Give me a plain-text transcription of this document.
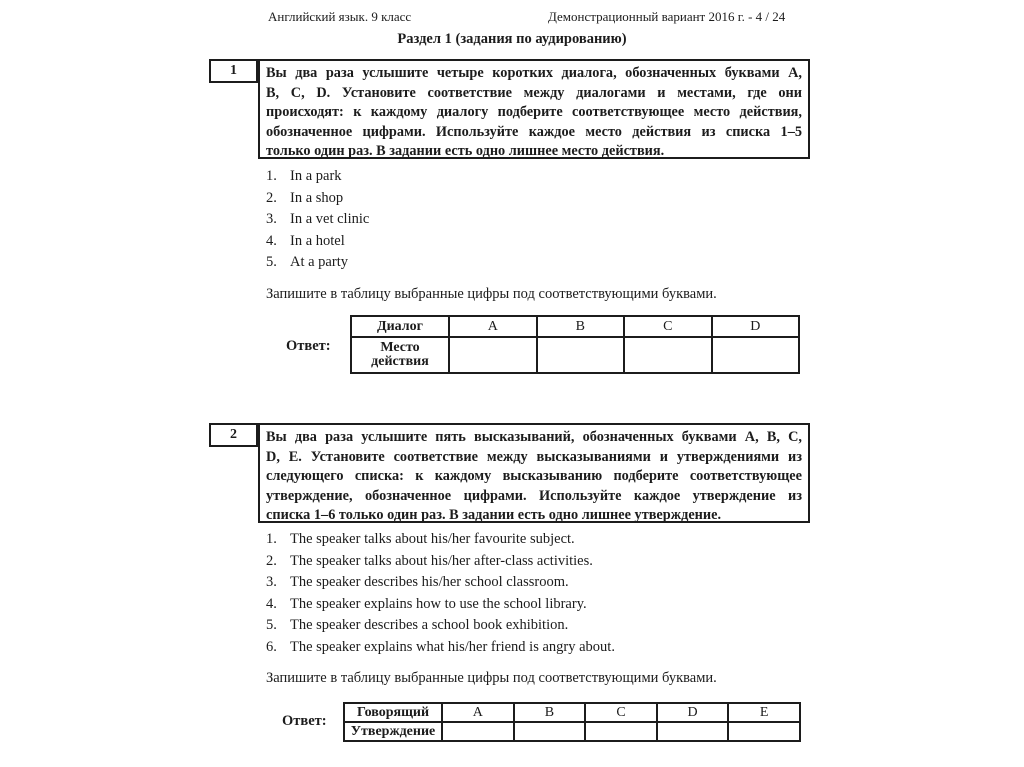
Английский язык. 9 класс	Демонстрационный вариант 2016 г. - 4 / 24
Раздел 1 (задания по аудированию)
1	Вы два раза услышите четыре коротких диалога, обозначенных буквами А,
B, C, D. Установите соответствие между диалогами и местами, где они
происходят: к каждому диалогу подберите соответствующее место действия,
обозначенное цифрами. Используйте каждое место действия из списка 1–5
только один раз. В задании есть одно лишнее место действия.
1. In a park
2. In a shop
3. In a vet clinic
4. In a hotel
5. At a party
Запишите в таблицу выбранные цифры под соответствующими буквами.
Ответ:
Диалог	A	B	C	D
Место действия				
2	Вы два раза услышите пять высказываний, обозначенных буквами А, B, C,
D, E. Установите соответствие между высказываниями и утверждениями из
следующего списка: к каждому высказыванию подберите соответствующее
утверждение, обозначенное цифрами. Используйте каждое утверждение из
списка 1–6 только один раз. В задании есть одно лишнее утверждение.
1. The speaker talks about his/her favourite subject.
2. The speaker talks about his/her after-class activities.
3. The speaker describes his/her school classroom.
4. The speaker explains how to use the school library.
5. The speaker describes a school book exhibition.
6. The speaker explains what his/her friend is angry about.
Запишите в таблицу выбранные цифры под соответствующими буквами.
Ответ:
Говорящий	A	B	C	D	E
Утверждение					
